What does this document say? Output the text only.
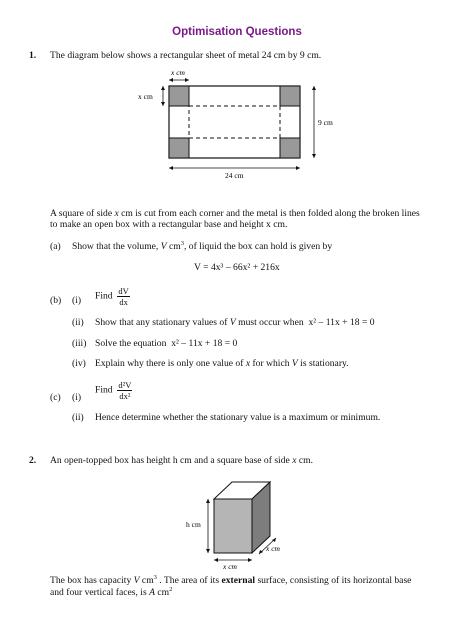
Optimisation Questions
1. The diagram below shows a rectangular sheet of metal 24 cm by 9 cm.
x cm
x cm
9 cm
24 cm
A square of side x cm is cut from each corner and the metal is then folded along the broken lines
to make an open box with a rectangular base and height x cm.
(a) Show that the volume, V $cm^3$, of liquid the box can hold is given by
V = 4x³ – 66x² + 216x
(b) (i) Find $\frac{dV}{dx}$
(ii) Show that any stationary values of V must occur when  x² – 11x + 18 = 0
(iii) Solve the equation  x² – 11x + 18 = 0
(iv) Explain why there is only one value of x for which V is stationary.
(c) (i)
Find $\frac{\text{d²V}}{\text{dx²}}$
(ii) Hence determine whether the stationary value is a maximum or minimum.
2. An open-topped box has height h cm and a square base of side x cm.
h cm
x cm
x cm
The box has capacity V $cm^3$ . The area of its external surface, consisting of its horizontal base
and four vertical faces, is A $cm^2$
